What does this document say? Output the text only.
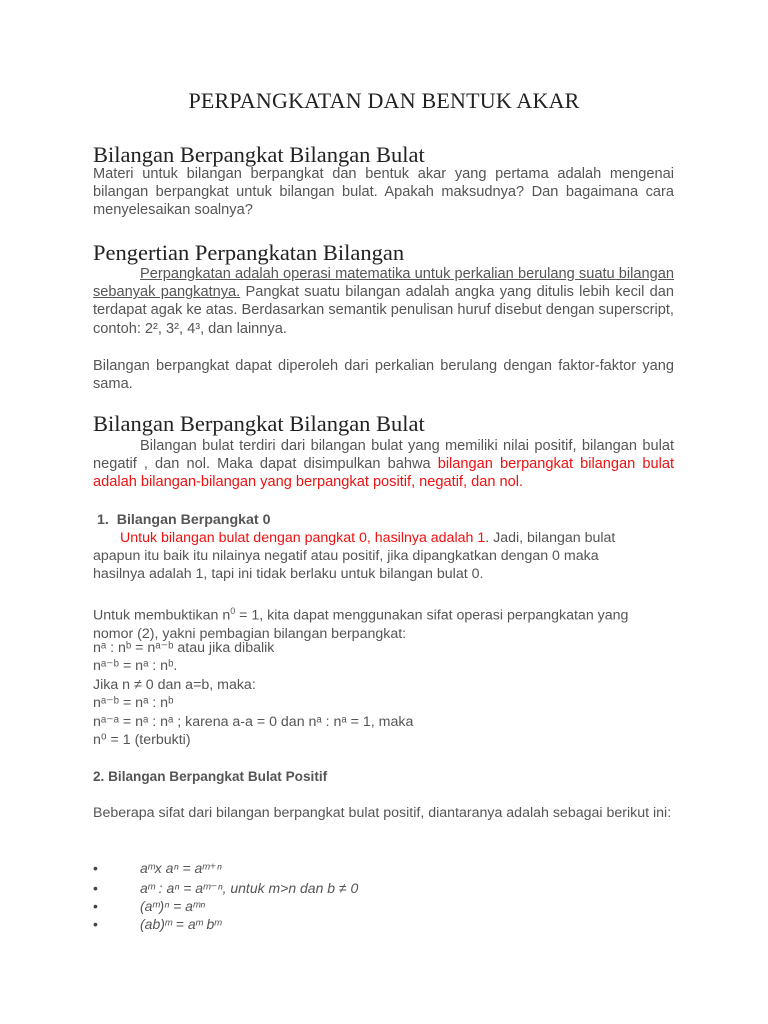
PERPANGKATAN DAN BENTUK AKAR
Bilangan Berpangkat Bilangan Bulat

Materi untuk bilangan berpangkat dan bentuk akar yang pertama adalah mengenai bilangan berpangkat untuk bilangan bulat. Apakah maksudnya? Dan bagaimana cara menyelesaikan soalnya?

Pengertian Perpangkatan Bilangan

Perpangkatan adalah operasi matematika untuk perkalian berulang suatu bilangan sebanyak pangkatnya. Pangkat suatu bilangan adalah angka yang ditulis lebih kecil dan terdapat agak ke atas. Berdasarkan semantik penulisan huruf disebut dengan superscript, contoh: 2², 3², 4³, dan lainnya.

Bilangan berpangkat dapat diperoleh dari perkalian berulang dengan faktor-faktor yang sama.

Bilangan Berpangkat Bilangan Bulat

Bilangan bulat terdiri dari bilangan bulat yang memiliki nilai positif, bilangan bulat negatif , dan nol. Maka dapat disimpulkan bahwa bilangan berpangkat bilangan bulat adalah bilangan-bilangan yang berpangkat positif, negatif, dan nol.

1. Bilangan Berpangkat 0

Untuk bilangan bulat dengan pangkat 0, hasilnya adalah 1. Jadi, bilangan bulat apapun itu baik itu nilainya negatif atau positif, jika dipangkatkan dengan 0 maka hasilnya adalah 1, tapi ini tidak berlaku untuk bilangan bulat 0.

Untuk membuktikan $n^0 = 1$, kita dapat menggunakan sifat operasi perpangkatan yang nomor (2), yakni pembagian bilangan berpangkat:

nᵃ : nᵇ = nᵃ⁻ᵇ atau jika dibalik
nᵃ⁻ᵇ = nᵃ : nᵇ.
Jika n ≠ 0 dan a=b, maka:
nᵃ⁻ᵇ = nᵃ : nᵇ
nᵃ⁻ᵃ = nᵃ : nᵃ ; karena a-a = 0 dan nᵃ : nᵃ = 1, maka
n⁰ = 1 (terbukti)
2. Bilangan Berpangkat Bulat Positif

Beberapa sifat dari bilangan berpangkat bulat positif, diantaranya adalah sebagai berikut ini:

•	aᵐx aⁿ = aᵐ⁺ⁿ
•	aᵐ : aⁿ = aᵐ⁻ⁿ, untuk m>n dan b ≠ 0
•	(aᵐ)ⁿ = aᵐⁿ
•	(ab)ᵐ = aᵐ bᵐ
